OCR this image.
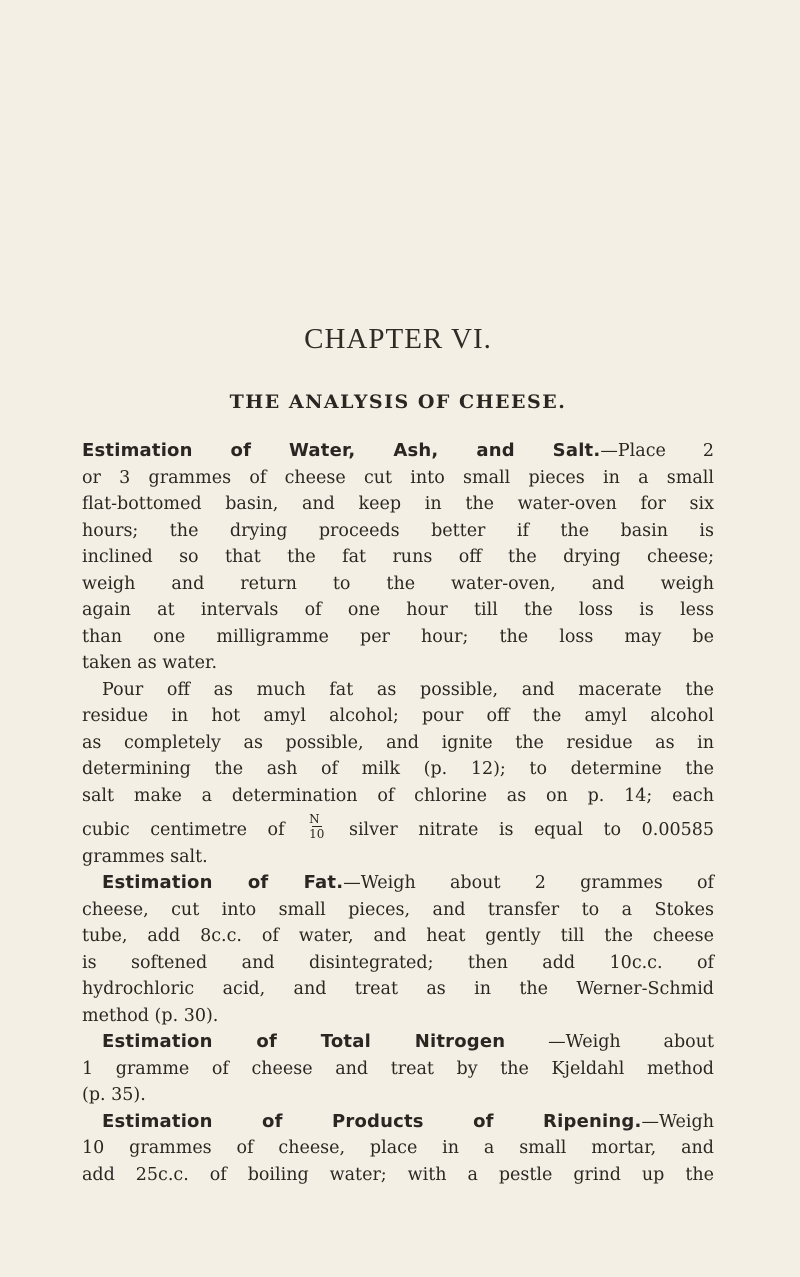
CHAPTER VI.
THE ANALYSIS OF CHEESE.
Estimation of Water, Ash, and Salt.—Place 2
or 3 grammes of cheese cut into small pieces in a small
flat-bottomed basin, and keep in the water-oven for six
hours; the drying proceeds better if the basin is
inclined so that the fat runs off the drying cheese;
weigh and return to the water-oven, and weigh
again at intervals of one hour till the loss is less
than one milligramme per hour; the loss may be
taken as water.
Pour off as much fat as possible, and macerate the
residue in hot amyl alcohol; pour off the amyl alcohol
as completely as possible, and ignite the residue as in
determining the ash of milk (p. 12); to determine the
salt make a determination of chlorine as on p. 14; each
cubic centimetre of $\frac{N}{10}$ silver nitrate is equal to 0.00585
grammes salt.
Estimation of Fat.—Weigh about 2 grammes of
cheese, cut into small pieces, and transfer to a Stokes
tube, add 8c.c. of water, and heat gently till the cheese
is softened and disintegrated; then add 10c.c. of
hydrochloric acid, and treat as in the Werner-Schmid
method (p. 30).
Estimation of Total Nitrogen —Weigh about
1 gramme of cheese and treat by the Kjeldahl method
(p. 35).
Estimation of Products of Ripening.—Weigh
10 grammes of cheese, place in a small mortar, and
add 25c.c. of boiling water; with a pestle grind up the
